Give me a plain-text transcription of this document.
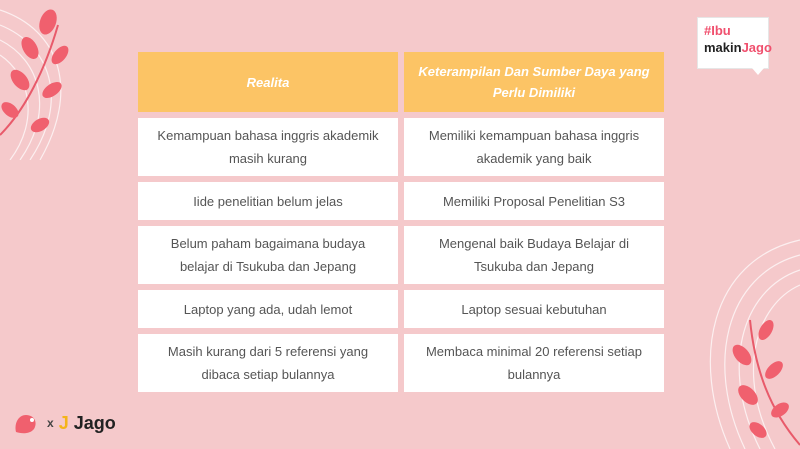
Realita
Keterampilan Dan Sumber Daya yang Perlu Dimiliki
Kemampuan bahasa inggris akademik masih kurang
Memiliki kemampuan bahasa inggris akademik yang baik
Iide penelitian belum jelas	Memiliki Proposal Penelitian S3
Belum paham bagaimana budaya belajar di Tsukuba dan Jepang
Mengenal baik Budaya Belajar di Tsukuba dan Jepang
Laptop yang ada, udah lemot	Laptop sesuai kebutuhan
Masih kurang dari 5 referensi yang dibaca setiap bulannya
Membaca minimal 20 referensi setiap bulannya
#Ibu
makinJago
x J Jago
